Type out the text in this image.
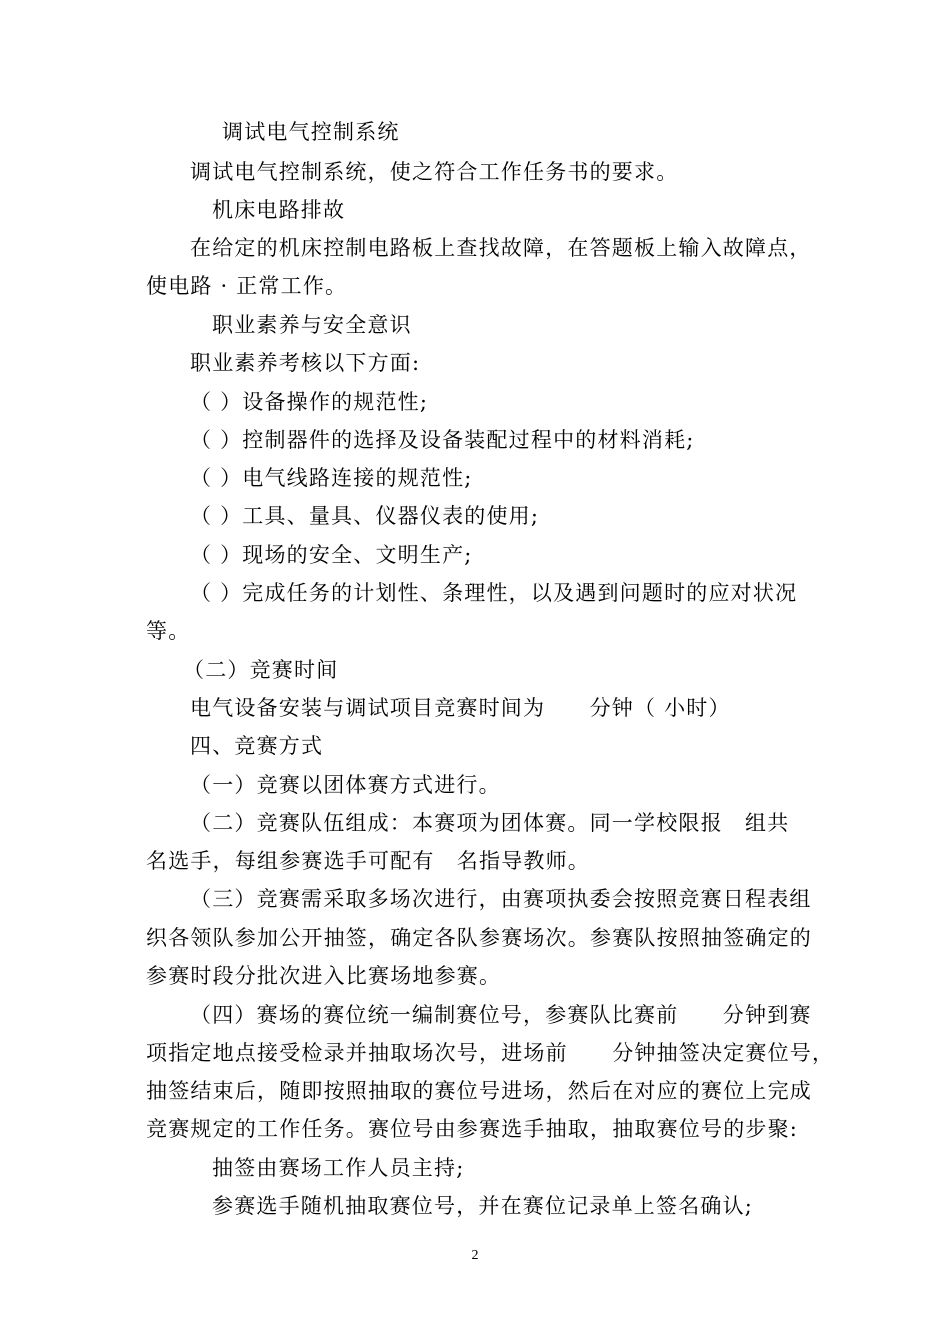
调试电气控制系统
调试电气控制系统，使之符合工作任务书的要求。
机床电路排故
在给定的机床控制电路板上查找故障，在答题板上输入故障点，
使电路 · 正常工作。
职业素养与安全意识
职业素养考核以下方面:
（ ）设备操作的规范性;
（ ）控制器件的选择及设备装配过程中的材料消耗;
（ ）电气线路连接的规范性;
（ ）工具、量具、仪器仪表的使用;
（ ）现场的安全、文明生产;
（ ）完成任务的计划性、条理性，以及遇到问题时的应对状况
等。
（二）竞赛时间
电气设备安装与调试项目竞赛时间为　　分钟（ 小时）
四、竞赛方式
（一）竞赛以团体赛方式进行。
（二）竞赛队伍组成：本赛项为团体赛。同一学校限报　组共
名选手，每组参赛选手可配有　名指导教师。
（三）竞赛需采取多场次进行，由赛项执委会按照竞赛日程表组
织各领队参加公开抽签，确定各队参赛场次。参赛队按照抽签确定的
参赛时段分批次进入比赛场地参赛。
（四）赛场的赛位统一编制赛位号，参赛队比赛前　　分钟到赛
项指定地点接受检录并抽取场次号，进场前　　分钟抽签决定赛位号，
抽签结束后，随即按照抽取的赛位号进场，然后在对应的赛位上完成
竞赛规定的工作任务。赛位号由参赛选手抽取，抽取赛位号的步聚:
抽签由赛场工作人员主持;
参赛选手随机抽取赛位号，并在赛位记录单上签名确认;
2
